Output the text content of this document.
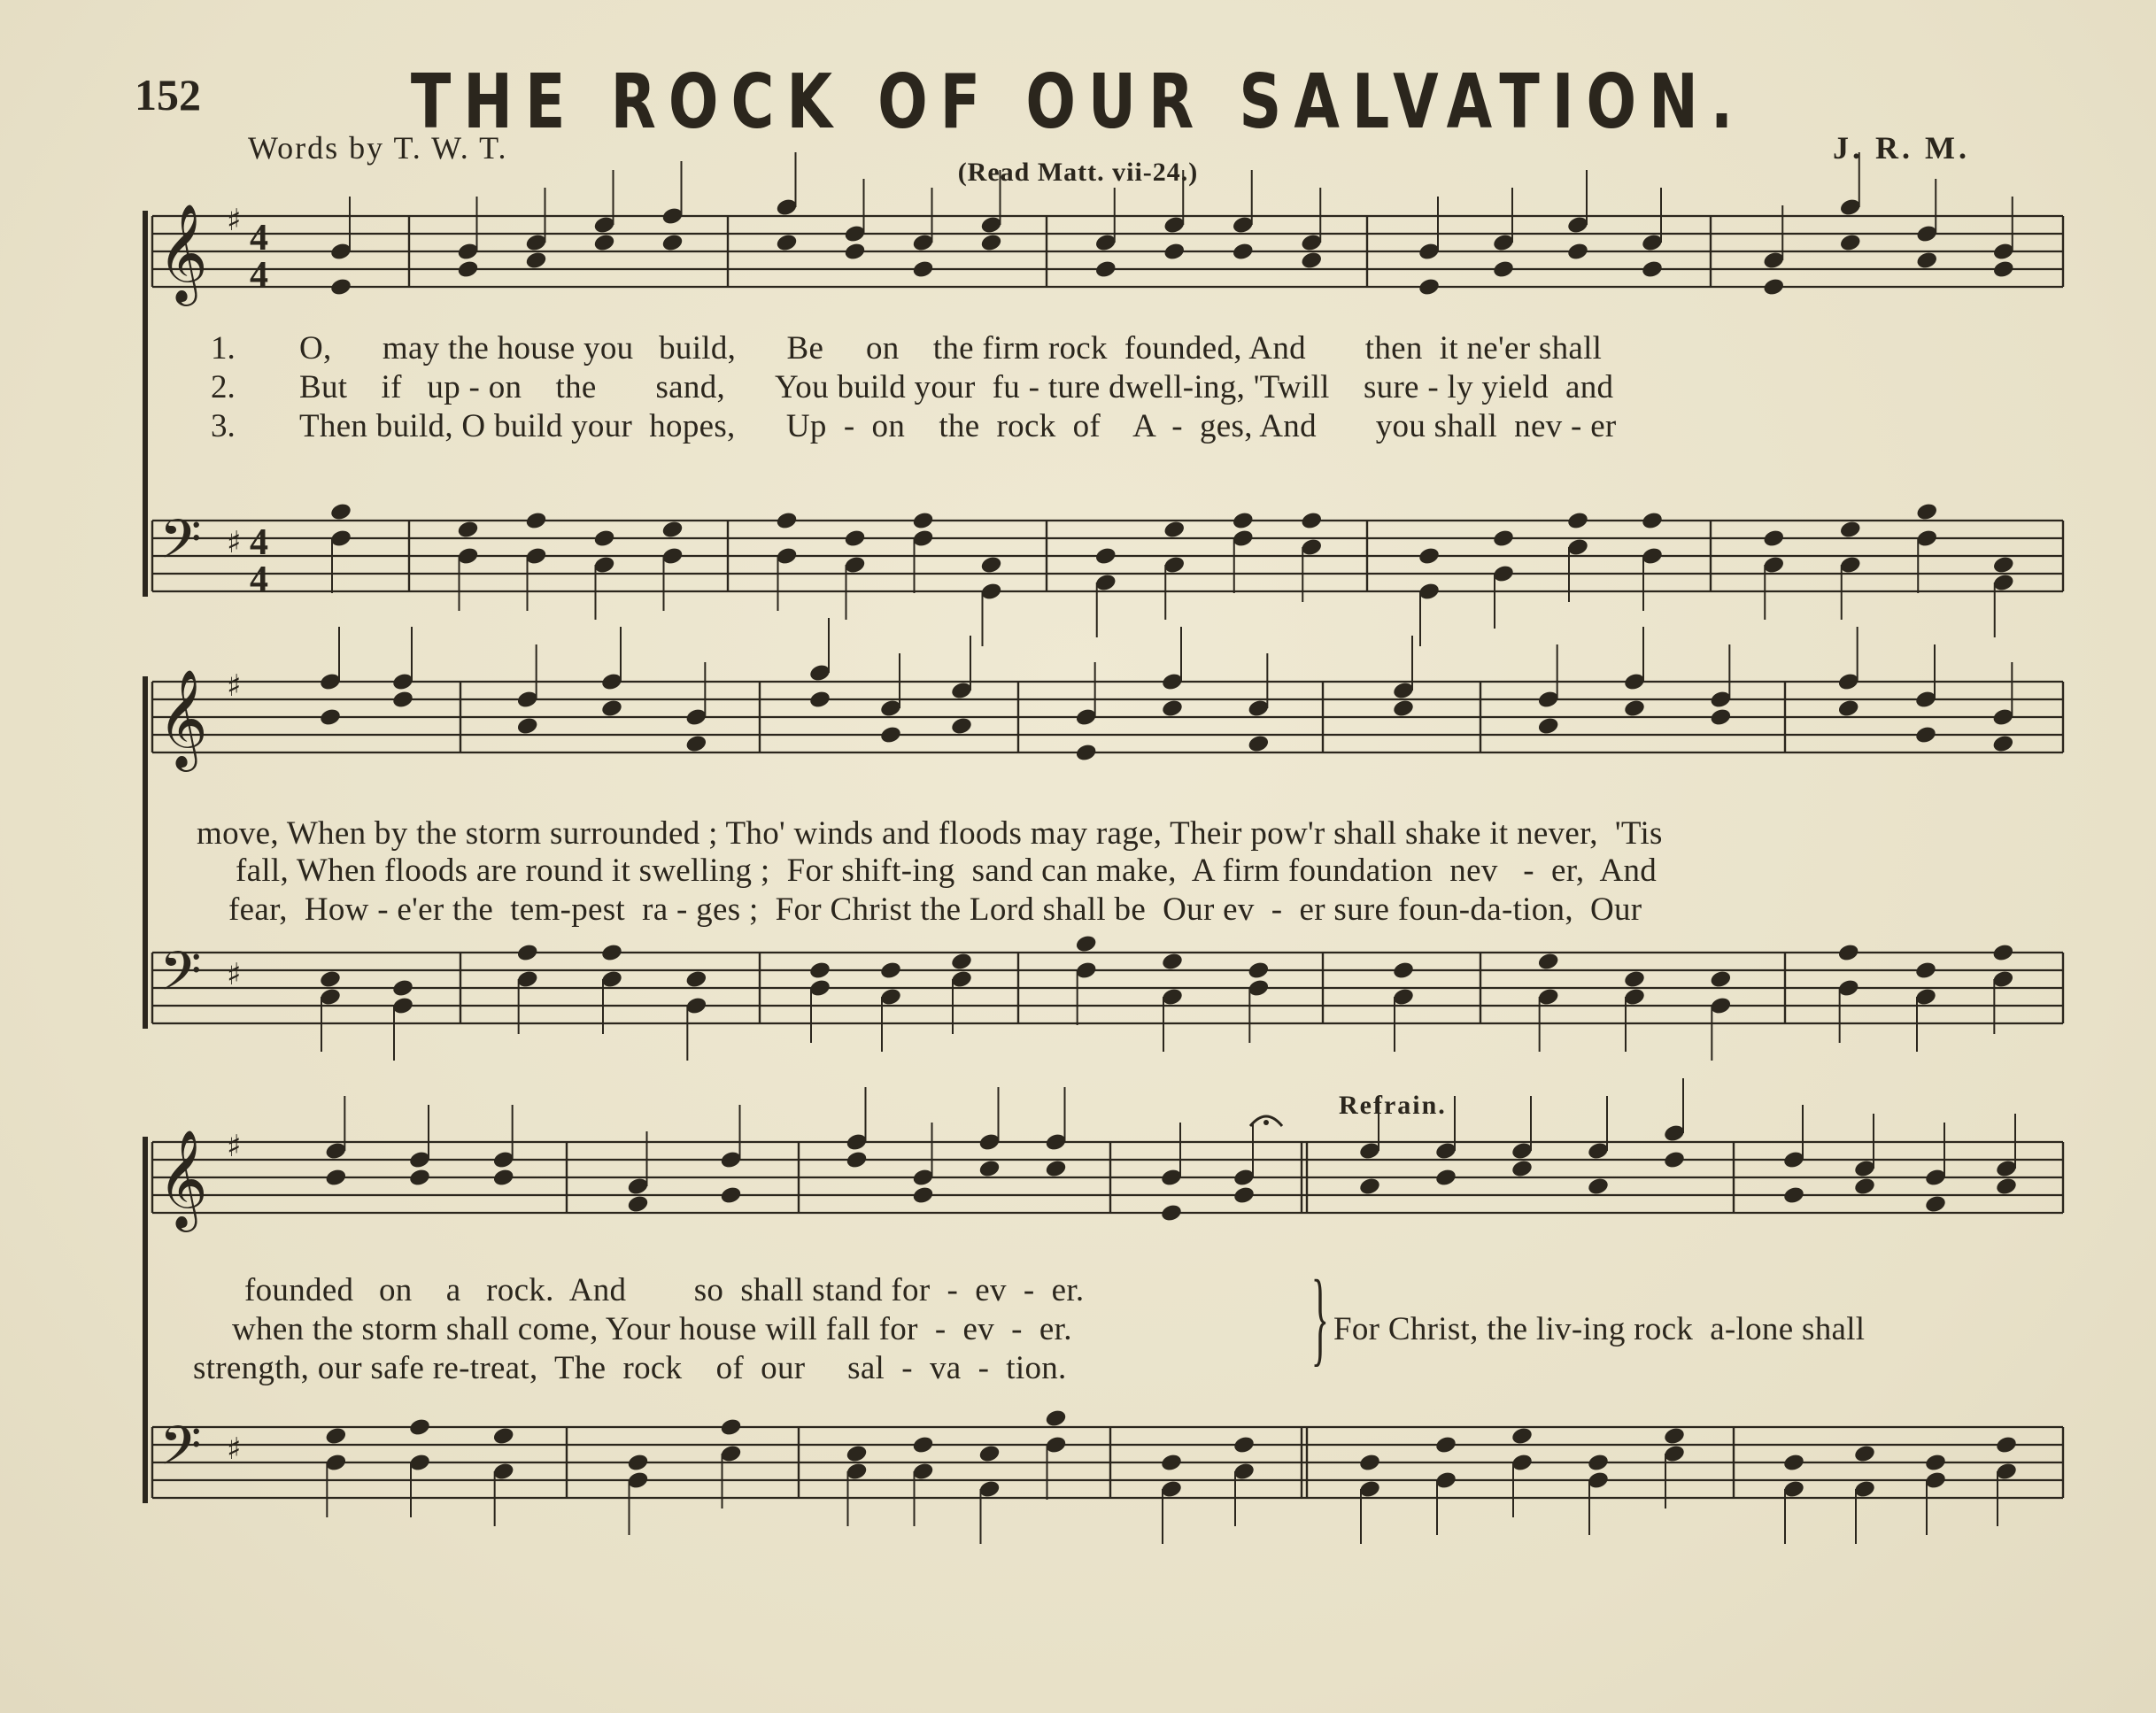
152	THE ROCK OF OUR SALVATION.
Words by T. W. T.	J. R. M.
(Read Matt. vii-24.)
𝄞
𝄢
♯
♯
4
4
4
4
𝄞
𝄢
♯
♯
𝄞
𝄢
♯
♯
1. O,      may the house you   build,      Be     on    the firm rock  founded, And       then  it ne'er shall
2. But    if   up - on    the       sand,      You build your  fu - ture dwell-ing, 'Twill    sure - ly yield  and
3. Then build, O build your  hopes,      Up  -  on    the  rock  of    A  -  ges, And       you shall  nev - er
move, When by the storm surrounded ; Tho' winds and floods may rage, Their pow'r shall shake it never,  'Tis
fall, When floods are round it swelling ;  For shift-ing  sand can make,  A firm foundation  nev   -  er,  And
fear,  How - e'er the  tem-pest  ra - ges ;  For Christ the Lord shall be  Our ev  -  er sure foun-da-tion,  Our
Refrain.
founded   on    a   rock.  And        so  shall stand for  -  ev  -  er.
when the storm shall come, Your house will fall for  -  ev  -  er.
strength, our safe re-treat,  The  rock    of  our     sal  -  va  -  tion. } For Christ, the liv-ing rock  a-lone shall
